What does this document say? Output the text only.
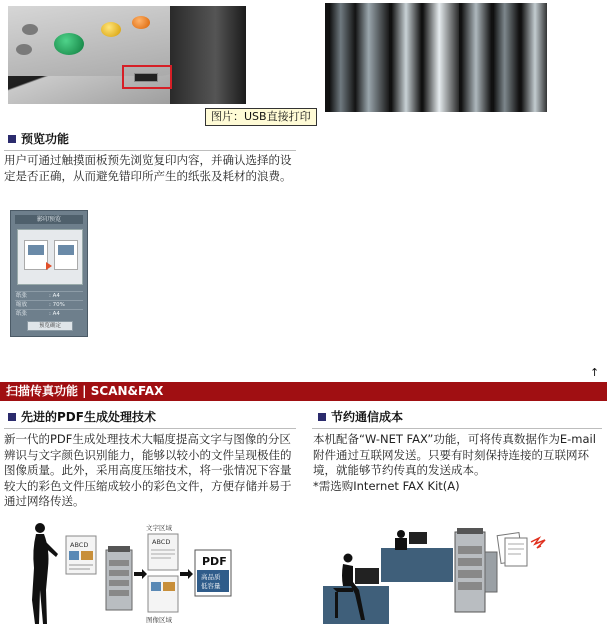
图片：USB直接打印
预览功能
用户可通过触摸面板预先浏览复印内容，并确认选择的设定是否正确，从而避免错印所产生的纸张及耗材的浪费。
影印预览
纸张	: A4
缩放	: 70%
纸张	: A4
预览确定
↑
扫描传真功能 | SCAN&FAX
先进的PDF生成处理技术
新一代的PDF生成处理技术大幅度提高文字与图像的分区辨识与文字颜色识别能力，能够以较小的文件呈现极佳的图像质量。此外，采用高度压缩技术，将一张情况下容量较大的彩色文件压缩成较小的彩色文件，方便存储并易于通过网络传送。
节约通信成本
本机配备“W-NET FAX”功能，可将传真数据作为E-mail附件通过互联网发送。只要有时刻保持连接的互联网环境，就能够节约传真的发送成本。
*需选购Internet FAX Kit(A)
ABCD
文字区域
ABCD
图像区域
PDF
高品质
低容量
